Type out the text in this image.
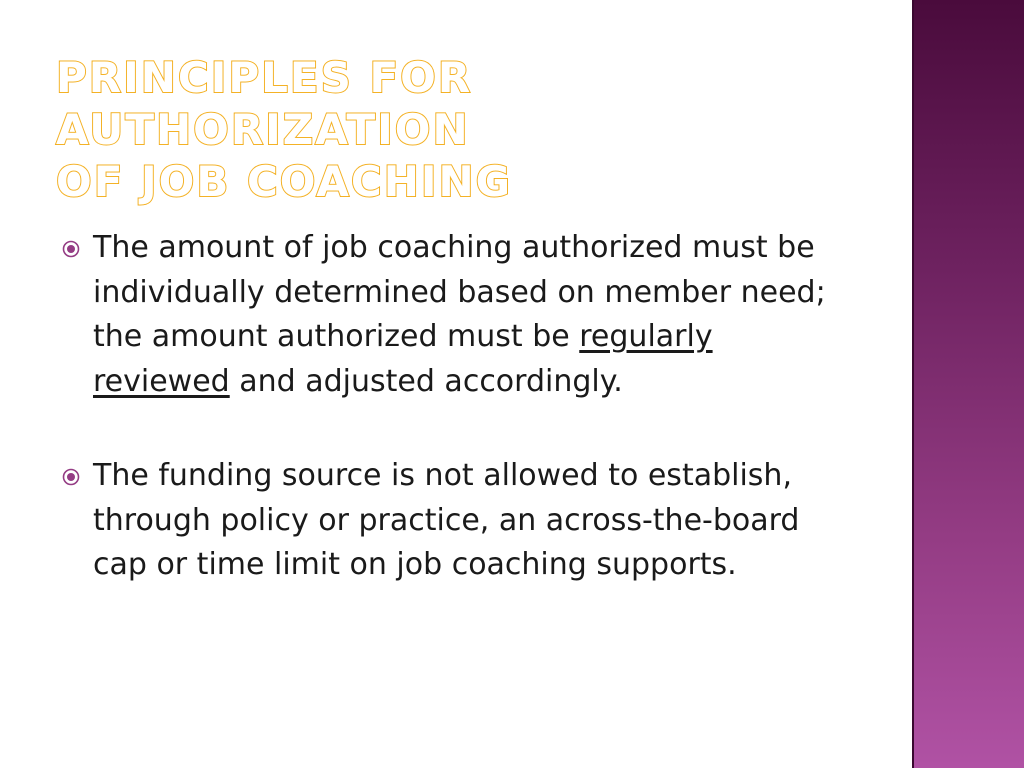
PRINCIPLES FOR AUTHORIZATION
OF JOB COACHING
The amount of job coaching authorized must be individually determined based on member need; the amount authorized must be regularly reviewed and adjusted accordingly.
The funding source is not allowed to establish, through policy or practice, an across-the-board cap or time limit on job coaching supports.
